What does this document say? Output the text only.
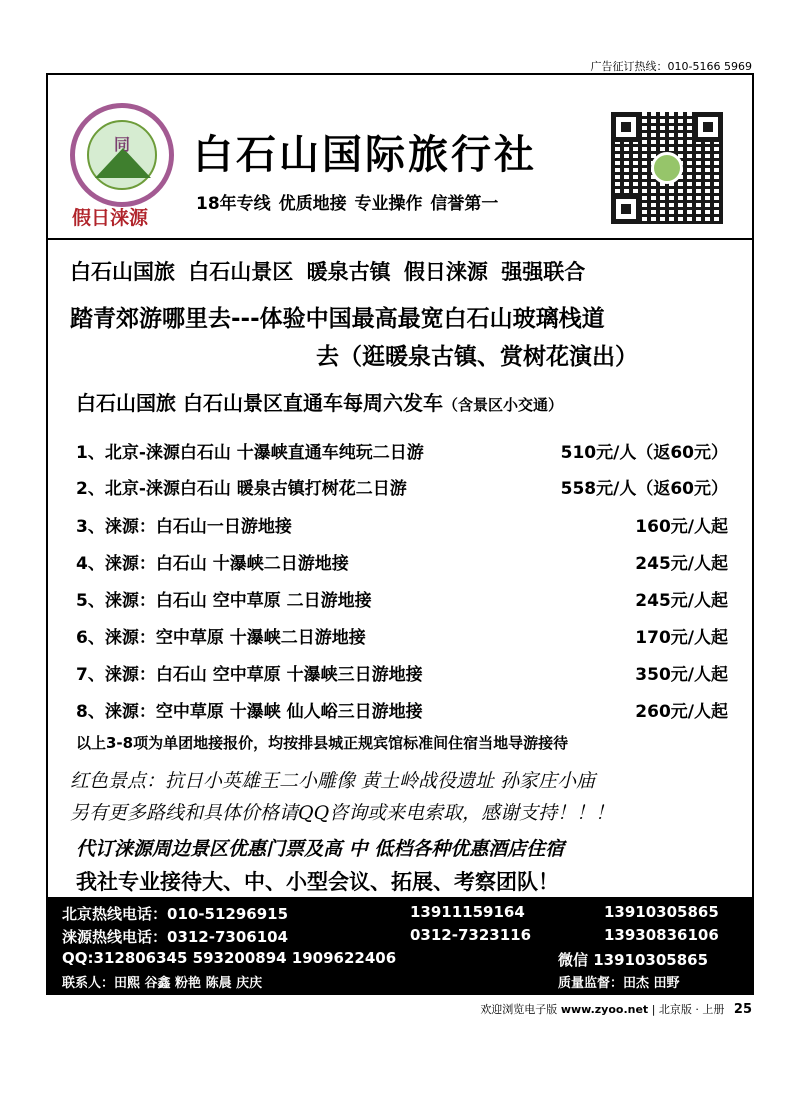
广告征订热线：010-5166 5969
同
假日涞源
白石山国际旅行社
18年专线 优质地接 专业操作 信誉第一
白石山国旅 白石山景区 暖泉古镇 假日涞源 强强联合
踏青郊游哪里去---体验中国最高最宽白石山玻璃栈道
去（逛暖泉古镇、赏树花演出）
白石山国旅 白石山景区直通车每周六发车（含景区小交通）
1、北京-涞源白石山 十瀑峡直通车纯玩二日游	510元/人（返60元）
2、北京-涞源白石山 暖泉古镇打树花二日游	558元/人（返60元）
3、涞源：白石山一日游地接	160元/人起
4、涞源：白石山 十瀑峡二日游地接	245元/人起
5、涞源：白石山 空中草原 二日游地接	245元/人起
6、涞源：空中草原 十瀑峡二日游地接	170元/人起
7、涞源：白石山 空中草原 十瀑峡三日游地接	350元/人起
8、涞源：空中草原 十瀑峡 仙人峪三日游地接	260元/人起
以上3-8项为单团地接报价，均按排县城正规宾馆标准间住宿当地导游接待
红色景点：抗日小英雄王二小雕像 黄土岭战役遗址 孙家庄小庙
另有更多路线和具体价格请QQ咨询或来电索取，感谢支持！！！
代订涞源周边景区优惠门票及高 中 低档各种优惠酒店住宿
我社专业接待大、中、小型会议、拓展、考察团队！
北京热线电话：010-51296915	13911159164	13910305865
涞源热线电话：0312-7306104	0312-7323116	13930836106
QQ:312806345 593200894 1909622406	微信 13910305865
联系人：田熙 谷鑫 粉艳 陈晨 庆庆	质量监督：田杰 田野
欢迎浏览电子版 www.zyoo.net | 北京版 · 上册 25
